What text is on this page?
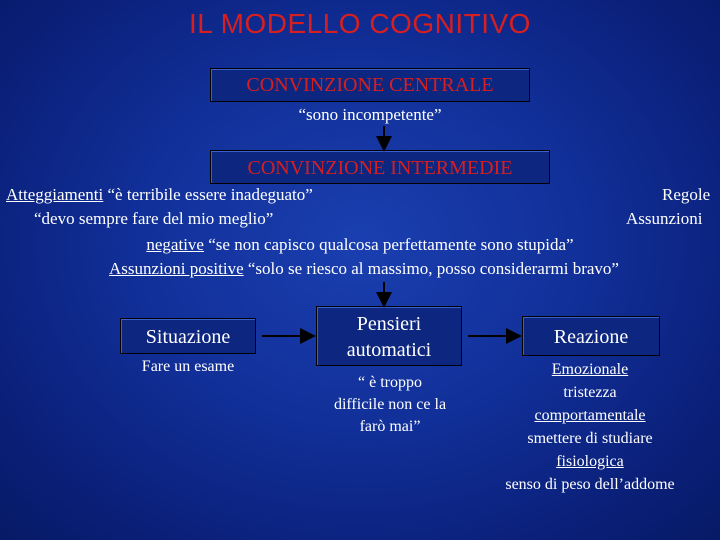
IL MODELLO COGNITIVO
CONVINZIONE CENTRALE
“sono incompetente”
CONVINZIONE INTERMEDIE
Atteggiamenti “è terribile essere inadeguato”	Regole
“devo sempre fare del mio meglio”	Assunzioni
negative “se non capisco qualcosa perfettamente sono stupida”
Assunzioni positive “solo se riesco al massimo, posso considerarmi bravo”
Situazione
Fare un esame
Pensieri
automatici
“ è troppo
difficile non ce la
farò mai”
Reazione
Emozionale
tristezza
comportamentale
smettere di studiare
fisiologica
senso di peso dell’addome
